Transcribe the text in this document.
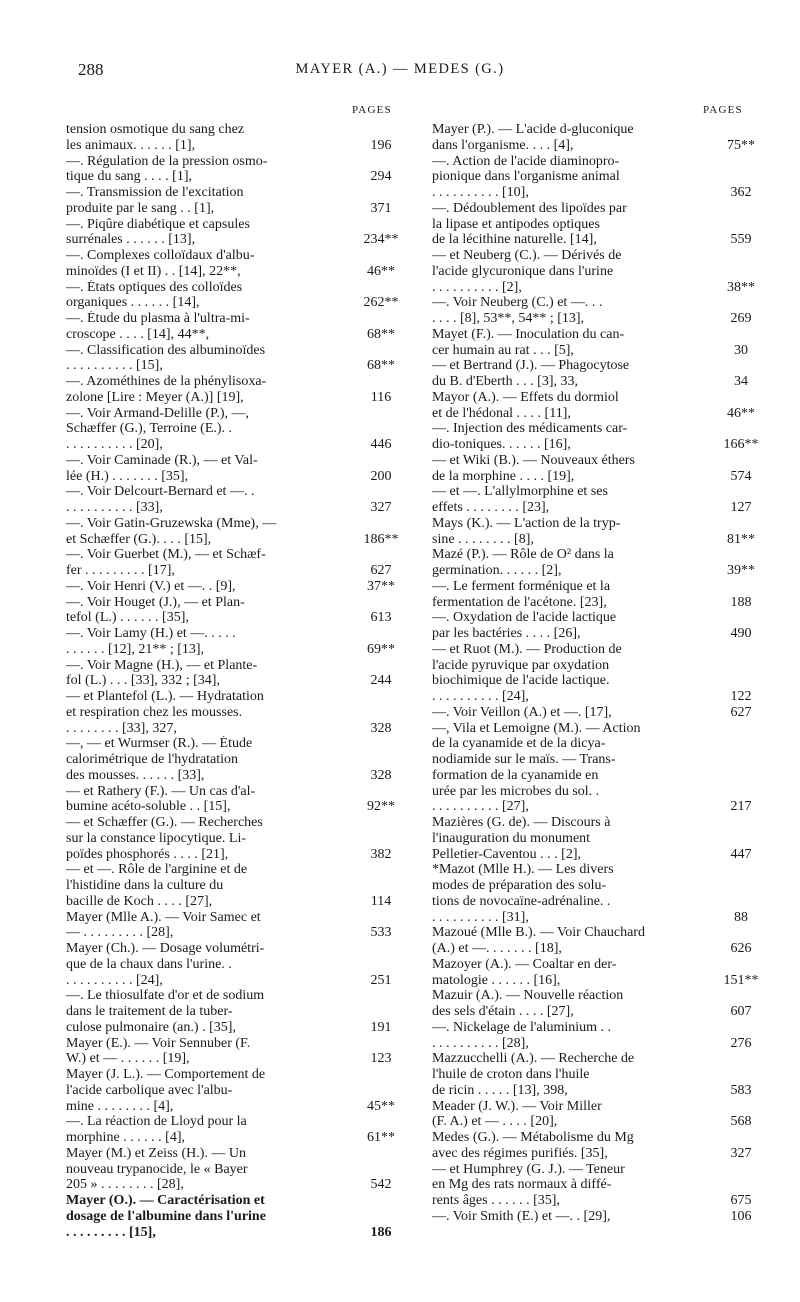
288	MAYER (A.) — MEDES (G.)
PAGES	PAGES
tension osmotique du sang chez
les animaux. . . . . . [1],	196
—. Régulation de la pression osmo-
tique du sang . . . . [1],	294
—. Transmission de l'excitation
produite par le sang . . [1],	371
—. Piqûre diabétique et capsules
surrénales . . . . . . [13],	234**
—. Complexes colloïdaux d'albu-
minoïdes (I et II) . . [14], 22**,	46**
—. États optiques des colloïdes
organiques . . . . . . [14],	262**
—. Étude du plasma à l'ultra-mi-
croscope . . . . [14], 44**,	68**
—. Classification des albuminoïdes
. . . . . . . . . . [15],	68**
—. Azométhines de la phénylisoxa-
zolone [Lire : Meyer (A.)] [19],	116
—. Voir Armand-Delille (P.), —,
Schæffer (G.), Terroine (E.). .
. . . . . . . . . . [20],	446
—. Voir Caminade (R.), — et Val-
lée (H.) . . . . . . . [35],	200
—. Voir Delcourt-Bernard et —. .
. . . . . . . . . . [33],	327
—. Voir Gatin-Gruzewska (Mme), —
et Schæffer (G.). . . . [15],	186**
—. Voir Guerbet (M.), — et Schæf-
fer . . . . . . . . . [17],	627
—. Voir Henri (V.) et —. . [9],	37**
—. Voir Houget (J.), — et Plan-
tefol (L.) . . . . . . [35],	613
—. Voir Lamy (H.) et —. . . . .
. . . . . . [12], 21** ; [13],	69**
—. Voir Magne (H.), — et Plante-
fol (L.) . . . [33], 332 ; [34],	244
— et Plantefol (L.). — Hydratation
et respiration chez les mousses.
. . . . . . . . [33], 327,	328
—, — et Wurmser (R.). — Étude
calorimétrique de l'hydratation
des mousses. . . . . . [33],	328
— et Rathery (F.). — Un cas d'al-
bumine acéto-soluble . . [15],	92**
— et Schæffer (G.). — Recherches
sur la constance lipocytique. Li-
poïdes phosphorés . . . . [21],	382
— et —. Rôle de l'arginine et de
l'histidine dans la culture du
bacille de Koch . . . . [27],	114
Mayer (Mlle A.). — Voir Samec et
— . . . . . . . . . [28],	533
Mayer (Ch.). — Dosage volumétri-
que de la chaux dans l'urine. .
. . . . . . . . . . [24],	251
—. Le thiosulfate d'or et de sodium
dans le traitement de la tuber-
culose pulmonaire (an.) . [35],	191
Mayer (E.). — Voir Sennuber (F.
W.) et — . . . . . . [19],	123
Mayer (J. L.). — Comportement de
l'acide carbolique avec l'albu-
mine . . . . . . . . [4],	45**
—. La réaction de Lloyd pour la
morphine . . . . . . [4],	61**
Mayer (M.) et Zeiss (H.). — Un
nouveau trypanocide, le « Bayer
205 » . . . . . . . . [28],	542
Mayer (O.). — Caractérisation et
dosage de l'albumine dans l'urine
. . . . . . . . . [15],	186
Mayer (P.). — L'acide d-gluconique
dans l'organisme. . . . [4],	75**
—. Action de l'acide diaminopro-
pionique dans l'organisme animal
. . . . . . . . . . [10],	362
—. Dédoublement des lipoïdes par
la lipase et antipodes optiques
de la lécithine naturelle. [14],	559
— et Neuberg (C.). — Dérivés de
l'acide glycuronique dans l'urine
. . . . . . . . . . [2],	38**
—. Voir Neuberg (C.) et —. . .
. . . . [8], 53**, 54** ; [13],	269
Mayet (F.). — Inoculation du can-
cer humain au rat . . . [5],	30
— et Bertrand (J.). — Phagocytose
du B. d'Eberth . . . [3], 33,	34
Mayor (A.). — Effets du dormiol
et de l'hédonal . . . . [11],	46**
—. Injection des médicaments car-
dio-toniques. . . . . . [16],	166**
— et Wiki (B.). — Nouveaux éthers
de la morphine . . . . [19],	574
— et —. L'allylmorphine et ses
effets . . . . . . . . [23],	127
Mays (K.). — L'action de la tryp-
sine . . . . . . . . [8],	81**
Mazé (P.). — Rôle de O² dans la
germination. . . . . . [2],	39**
—. Le ferment forménique et la
fermentation de l'acétone. [23],	188
—. Oxydation de l'acide lactique
par les bactéries . . . . [26],	490
— et Ruot (M.). — Production de
l'acide pyruvique par oxydation
biochimique de l'acide lactique.
. . . . . . . . . . [24],	122
—. Voir Veillon (A.) et —. [17],	627
—, Vila et Lemoigne (M.). — Action
de la cyanamide et de la dicya-
nodiamide sur le maïs. — Trans-
formation de la cyanamide en
urée par les microbes du sol. .
. . . . . . . . . . [27],	217
Mazières (G. de). — Discours à
l'inauguration du monument
Pelletier-Caventou . . . [2],	447
*Mazot (Mlle H.). — Les divers
modes de préparation des solu-
tions de novocaïne-adrénaline. .
. . . . . . . . . . [31],	88
Mazoué (Mlle B.). — Voir Chauchard
(A.) et —. . . . . . . [18],	626
Mazoyer (A.). — Coaltar en der-
matologie . . . . . . [16],	151**
Mazuir (A.). — Nouvelle réaction
des sels d'étain . . . . [27],	607
—. Nickelage de l'aluminium . .
. . . . . . . . . . [28],	276
Mazzucchelli (A.). — Recherche de
l'huile de croton dans l'huile
de ricin . . . . . [13], 398,	583
Meader (J. W.). — Voir Miller
(F. A.) et — . . . . [20],	568
Medes (G.). — Métabolisme du Mg
avec des régimes purifiés. [35],	327
— et Humphrey (G. J.). — Teneur
en Mg des rats normaux à diffé-
rents âges . . . . . . [35],	675
—. Voir Smith (E.) et —. . [29],	106
